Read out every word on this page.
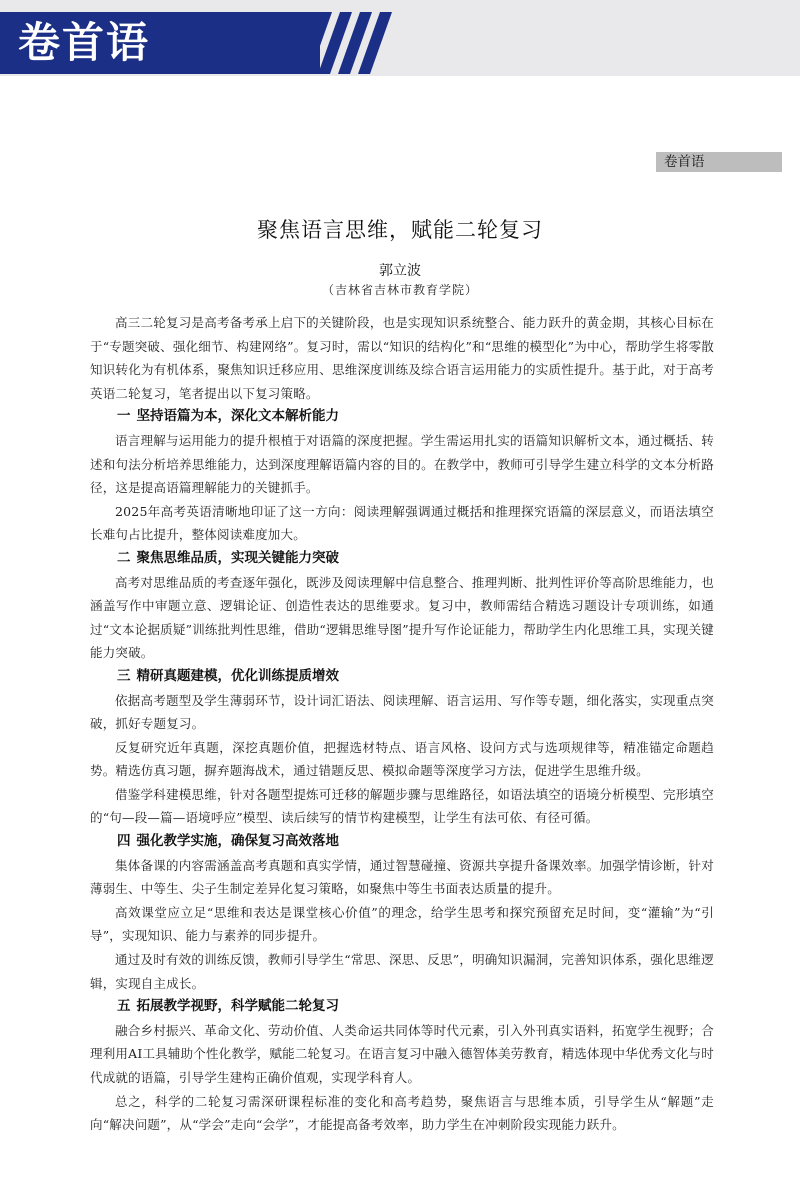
卷首语
卷首语
聚焦语言思维，赋能二轮复习
郭立波
（吉林省吉林市教育学院）

高三二轮复习是高考备考承上启下的关键阶段，也是实现知识系统整合、能力跃升的黄金期，其核心目标在于“专题突破、强化细节、构建网络”。复习时，需以“知识的结构化”和“思维的模型化”为中心，帮助学生将零散知识转化为有机体系，聚焦知识迁移应用、思维深度训练及综合语言运用能力的实质性提升。基于此，对于高考英语二轮复习，笔者提出以下复习策略。

一 坚持语篇为本，深化文本解析能力

语言理解与运用能力的提升根植于对语篇的深度把握。学生需运用扎实的语篇知识解析文本，通过概括、转述和句法分析培养思维能力，达到深度理解语篇内容的目的。在教学中，教师可引导学生建立科学的文本分析路径，这是提高语篇理解能力的关键抓手。

2025年高考英语清晰地印证了这一方向：阅读理解强调通过概括和推理探究语篇的深层意义，而语法填空长难句占比提升，整体阅读难度加大。

二 聚焦思维品质，实现关键能力突破

高考对思维品质的考查逐年强化，既涉及阅读理解中信息整合、推理判断、批判性评价等高阶思维能力，也涵盖写作中审题立意、逻辑论证、创造性表达的思维要求。复习中，教师需结合精选习题设计专项训练，如通过“文本论据质疑”训练批判性思维，借助“逻辑思维导图”提升写作论证能力，帮助学生内化思维工具，实现关键能力突破。

三 精研真题建模，优化训练提质增效

依据高考题型及学生薄弱环节，设计词汇语法、阅读理解、语言运用、写作等专题，细化落实，实现重点突破，抓好专题复习。

反复研究近年真题，深挖真题价值，把握选材特点、语言风格、设问方式与选项规律等，精准锚定命题趋势。精选仿真习题，摒弃题海战术，通过错题反思、模拟命题等深度学习方法，促进学生思维升级。

借鉴学科建模思维，针对各题型提炼可迁移的解题步骤与思维路径，如语法填空的语境分析模型、完形填空的“句—段—篇—语境呼应”模型、读后续写的情节构建模型，让学生有法可依、有径可循。

四 强化教学实施，确保复习高效落地

集体备课的内容需涵盖高考真题和真实学情，通过智慧碰撞、资源共享提升备课效率。加强学情诊断，针对薄弱生、中等生、尖子生制定差异化复习策略，如聚焦中等生书面表达质量的提升。

高效课堂应立足“思维和表达是课堂核心价值”的理念，给学生思考和探究预留充足时间，变“灌输”为“引导”，实现知识、能力与素养的同步提升。

通过及时有效的训练反馈，教师引导学生“常思、深思、反思”，明确知识漏洞，完善知识体系，强化思维逻辑，实现自主成长。

五 拓展教学视野，科学赋能二轮复习

融合乡村振兴、革命文化、劳动价值、人类命运共同体等时代元素，引入外刊真实语料，拓宽学生视野；合理利用AI工具辅助个性化教学，赋能二轮复习。在语言复习中融入德智体美劳教育，精选体现中华优秀文化与时代成就的语篇，引导学生建构正确价值观，实现学科育人。

总之，科学的二轮复习需深研课程标准的变化和高考趋势，聚焦语言与思维本质，引导学生从“解题”走向“解决问题”，从“学会”走向“会学”，才能提高备考效率，助力学生在冲刺阶段实现能力跃升。
